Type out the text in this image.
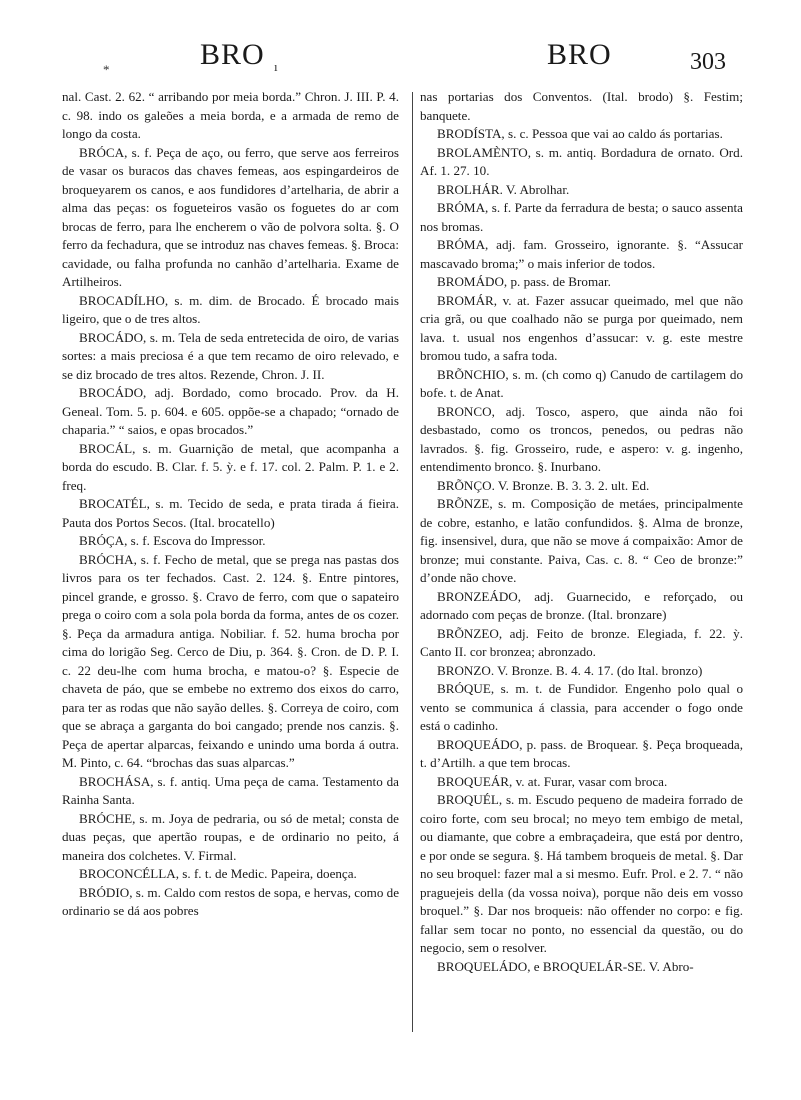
*	BRO ı	BRO	303

nal. Cast. 2. 62. “ arribando por meia borda.” Chron. J. III. P. 4. c. 98. indo os galeões a meia borda, e a armada de remo de longo da costa.

BRÓCA, s. f. Peça de aço, ou ferro, que serve aos ferreiros de vasar os buracos das chaves femeas, aos espingardeiros de broqueyarem os canos, e aos fundidores d’artelharia, de abrir a alma das peças: os fogueteiros vasão os foguetes do ar com brocas de ferro, para lhe encherem o vão de polvora solta. §. O ferro da fechadura, que se introduz nas chaves femeas. §. Broca: cavidade, ou falha profunda no canhão d’artelharia. Exame de Artilheiros.

BROCADÍLHO, s. m. dim. de Brocado. É brocado mais ligeiro, que o de tres altos.

BROCÁDO, s. m. Tela de seda entretecida de oiro, de varias sortes: a mais preciosa é a que tem recamo de oiro relevado, e se diz brocado de tres altos. Rezende, Chron. J. II.

BROCÁDO, adj. Bordado, como brocado. Prov. da H. Geneal. Tom. 5. p. 604. e 605. oppõe-se a chapado; “ornado de chaparia.” “ saios, e opas brocados.”

BROCÁL, s. m. Guarnição de metal, que acompanha a borda do escudo. B. Clar. f. 5. ỳ. e f. 17. col. 2. Palm. P. 1. e 2. freq.

BROCATÉL, s. m. Tecido de seda, e prata tirada á fieira. Pauta dos Portos Secos. (Ital. brocatello)

BRÓÇA, s. f. Escova do Impressor.

BRÓCHA, s. f. Fecho de metal, que se prega nas pastas dos livros para os ter fechados. Cast. 2. 124. §. Entre pintores, pincel grande, e grosso. §. Cravo de ferro, com que o sapateiro prega o coiro com a sola pola borda da forma, antes de os cozer. §. Peça da armadura antiga. Nobiliar. f. 52. huma brocha por cima do lorigão Seg. Cerco de Diu, p. 364. §. Cron. de D. P. I. c. 22 deu-lhe com huma brocha, e matou-o? §. Especie de chaveta de páo, que se embebe no extremo dos eixos do carro, para ter as rodas que não sayão delles. §. Correya de coiro, com que se abraça a garganta do boi cangado; prende nos canzis. §. Peça de apertar alparcas, feixando e unindo uma borda á outra. M. Pinto, c. 64. “brochas das suas alparcas.”

BROCHÁSA, s. f. antiq. Uma peça de cama. Testamento da Rainha Santa.

BRÓCHE, s. m. Joya de pedraria, ou só de metal; consta de duas peças, que apertão roupas, e de ordinario no peito, á maneira dos colchetes. V. Firmal.

BROCONCÉLLA, s. f. t. de Medic. Papeira, doença.

BRÓDIO, s. m. Caldo com restos de sopa, e hervas, como de ordinario se dá aos pobres

nas portarias dos Conventos. (Ital. brodo) §. Festim; banquete.

BRODÍSTA, s. c. Pessoa que vai ao caldo ás portarias.

BROLAMÈNTO, s. m. antiq. Bordadura de ornato. Ord. Af. 1. 27. 10.

BROLHÁR. V. Abrolhar.

BRÓMA, s. f. Parte da ferradura de besta; o sauco assenta nos bromas.

BRÓMA, adj. fam. Grosseiro, ignorante. §. “Assucar mascavado broma;” o mais inferior de todos.

BROMÁDO, p. pass. de Bromar.

BROMÁR, v. at. Fazer assucar queimado, mel que não cria grã, ou que coalhado não se purga por queimado, nem lava. t. usual nos engenhos d’assucar: v. g. este mestre bromou tudo, a safra toda.

BRÕNCHIO, s. m. (ch como q) Canudo de cartilagem do bofe. t. de Anat.

BRONCO, adj. Tosco, aspero, que ainda não foi desbastado, como os troncos, penedos, ou pedras não lavrados. §. fig. Grosseiro, rude, e aspero: v. g. ingenho, entendimento bronco. §. Inurbano.

BRÕNÇO. V. Bronze. B. 3. 3. 2. ult. Ed.

BRÕNZE, s. m. Composição de metáes, principalmente de cobre, estanho, e latão confundidos. §. Alma de bronze, fig. insensivel, dura, que não se move á compaixão: Amor de bronze; mui constante. Paiva, Cas. c. 8. “ Ceo de bronze:” d’onde não chove.

BRONZEÁDO, adj. Guarnecido, e reforçado, ou adornado com peças de bronze. (Ital. bronzare)

BRÕNZEO, adj. Feito de bronze. Elegiada, f. 22. ỳ. Canto II. cor bronzea; abronzado.

BRONZO. V. Bronze. B. 4. 4. 17. (do Ital. bronzo)

BRÓQUE, s. m. t. de Fundidor. Engenho polo qual o vento se communica á classia, para accender o fogo onde está o cadinho.

BROQUEÁDO, p. pass. de Broquear. §. Peça broqueada, t. d’Artilh. a que tem brocas.

BROQUEÁR, v. at. Furar, vasar com broca.

BROQUÉL, s. m. Escudo pequeno de madeira forrado de coiro forte, com seu brocal; no meyo tem embigo de metal, ou diamante, que cobre a embraçadeira, que está por dentro, e por onde se segura. §. Há tambem broqueis de metal. §. Dar no seu broquel: fazer mal a si mesmo. Eufr. Prol. e 2. 7. “ não praguejeis della (da vossa noiva), porque não deis em vosso broquel.” §. Dar nos broqueis: não offender no corpo: e fig. fallar sem tocar no ponto, no essencial da questão, ou do negocio, sem o resolver.

BROQUELÁDO, e BROQUELÁR-SE. V. Abro-
